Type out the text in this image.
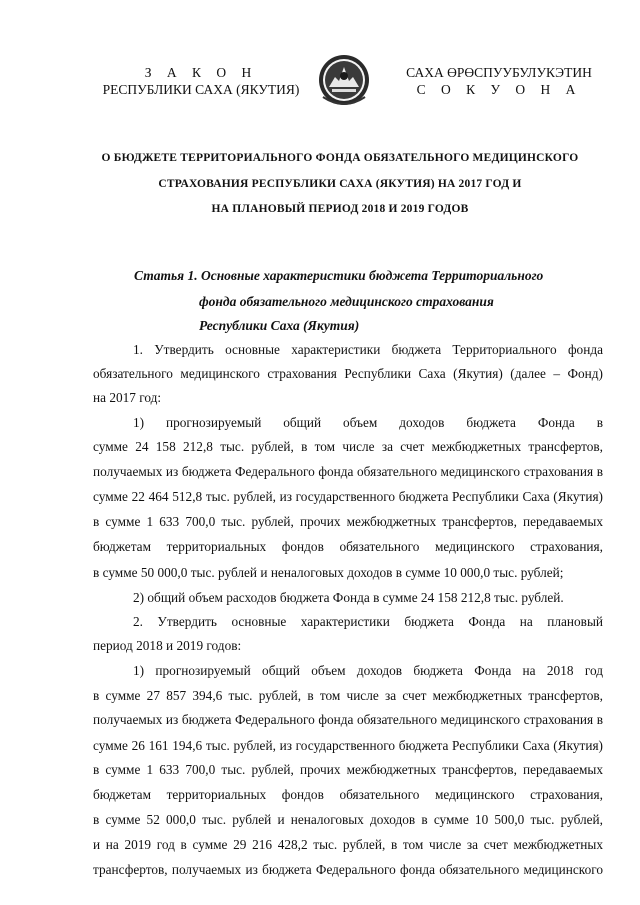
З А К О Н
РЕСПУБЛИКИ САХА (ЯКУТИЯ)
САХА ӨРӨСПУУБУЛУКЭТИН
С О К У О Н А
О БЮДЖЕТЕ ТЕРРИТОРИАЛЬНОГО ФОНДА ОБЯЗАТЕЛЬНОГО МЕДИЦИНСКОГО
СТРАХОВАНИЯ РЕСПУБЛИКИ САХА (ЯКУТИЯ) НА 2017 ГОД И
НА ПЛАНОВЫЙ ПЕРИОД 2018 И 2019 ГОДОВ
Статья 1. Основные характеристики бюджета Территориального
фонда обязательного медицинского страхования
Республики Саха (Якутия)
1. Утвердить основные характеристики бюджета Территориального фонда
обязательного медицинского страхования Республики Саха (Якутия) (далее – Фонд)
на 2017 год:
1) прогнозируемый общий объем доходов бюджета Фонда в
сумме 24 158 212,8 тыс. рублей, в том числе за счет межбюджетных трансфертов,
получаемых из бюджета Федерального фонда обязательного медицинского страхования в
сумме 22 464 512,8 тыс. рублей, из государственного бюджета Республики Саха (Якутия)
в сумме 1 633 700,0 тыс. рублей, прочих межбюджетных трансфертов, передаваемых
бюджетам территориальных фондов обязательного медицинского страхования,
в сумме 50 000,0 тыс. рублей и неналоговых доходов в сумме 10 000,0 тыс. рублей;
2) общий объем расходов бюджета Фонда в сумме 24 158 212,8 тыс. рублей.
2. Утвердить основные характеристики бюджета Фонда на плановый
период 2018 и 2019 годов:
1) прогнозируемый общий объем доходов бюджета Фонда на 2018 год
в сумме 27 857 394,6 тыс. рублей, в том числе за счет межбюджетных трансфертов,
получаемых из бюджета Федерального фонда обязательного медицинского страхования в
сумме 26 161 194,6 тыс. рублей, из государственного бюджета Республики Саха (Якутия)
в сумме 1 633 700,0 тыс. рублей, прочих межбюджетных трансфертов, передаваемых
бюджетам территориальных фондов обязательного медицинского страхования,
в сумме 52 000,0 тыс. рублей и неналоговых доходов в сумме 10 500,0 тыс. рублей,
и на 2019 год в сумме 29 216 428,2 тыс. рублей, в том числе за счет межбюджетных
трансфертов, получаемых из бюджета Федерального фонда обязательного медицинского
